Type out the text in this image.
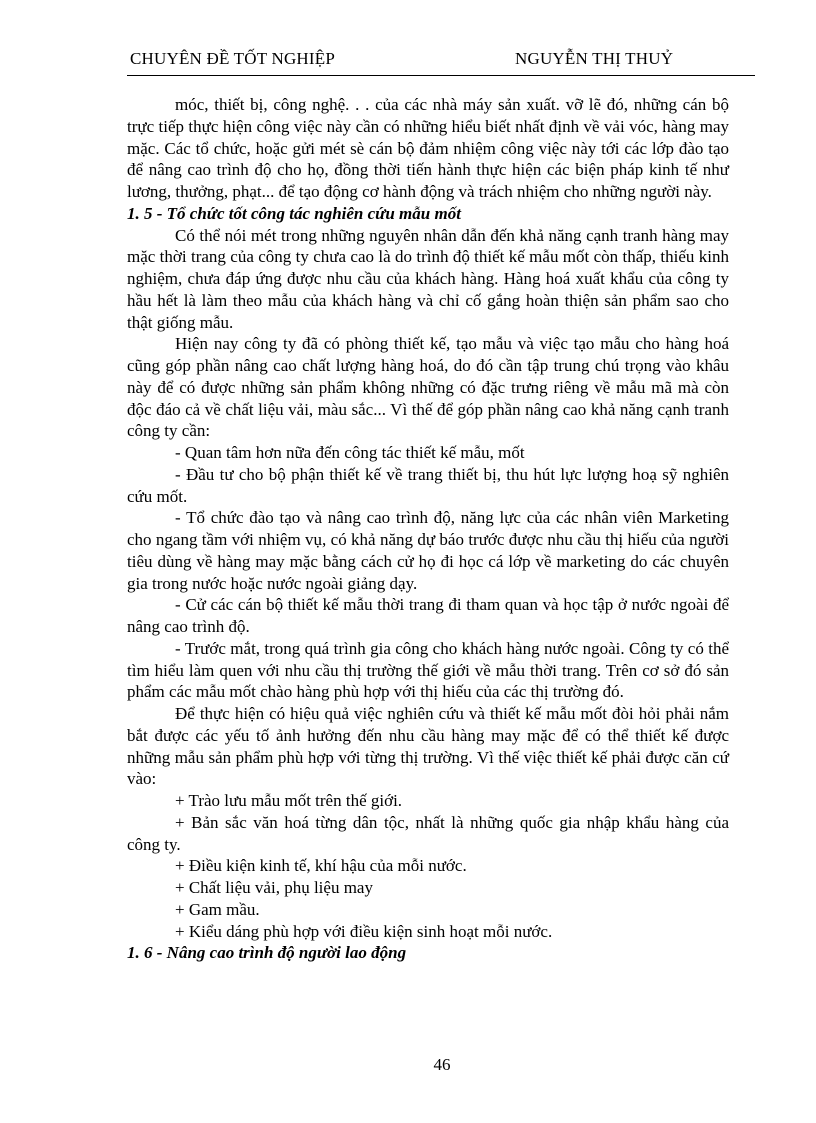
CHUYÊN ĐỀ TỐT NGHIỆP	NGUYỄN THỊ THUỶ

móc, thiết bị, công nghệ. . . của các nhà máy sản xuất. vỡ lẽ đó, những cán bộ trực tiếp thực hiện công việc này cần có những hiểu biết nhất định về vải vóc, hàng may mặc. Các tổ chức, hoặc gửi mét sè cán bộ đảm nhiệm công việc này tới các lớp đào tạo để nâng cao trình độ cho họ, đồng thời tiến hành thực hiện các biện pháp kinh tế như lương, thưởng, phạt... để tạo động cơ hành động và trách nhiệm cho những người này.

1. 5 - Tổ chức tốt công tác nghiên cứu mẫu mốt

Có thể nói mét trong những nguyên nhân dẫn đến khả năng cạnh tranh hàng may mặc thời trang của công ty chưa cao là do trình độ thiết kế mẫu mốt còn thấp, thiếu kinh nghiệm, chưa đáp ứng được nhu cầu của khách hàng. Hàng hoá xuất khẩu của công ty hầu hết là làm theo mẫu của khách hàng và chỉ cố gắng hoàn thiện sản phẩm sao cho thật giống mẫu.

Hiện nay công ty đã có phòng thiết kế, tạo mẫu và việc tạo mẫu cho hàng hoá cũng góp phần nâng cao chất lượng hàng hoá, do đó cần tập trung chú trọng vào khâu này để có được những sản phẩm không những có đặc trưng riêng về mẫu mã mà còn độc đáo cả về chất liệu vải, màu sắc... Vì thế để góp phần nâng cao khả năng cạnh tranh công ty cần:

- Quan tâm hơn nữa đến công tác thiết kế mẫu, mốt

- Đầu tư cho bộ phận thiết kế về trang thiết bị, thu hút lực lượng hoạ sỹ nghiên cứu mốt.

- Tổ chức đào tạo và nâng cao trình độ, năng lực của các nhân viên Marketing cho ngang tầm với nhiệm vụ, có khả năng dự báo trước được nhu cầu thị hiếu của người tiêu dùng về hàng may mặc bằng cách cử họ đi học cá lớp về marketing do các chuyên gia trong nước hoặc nước ngoài giảng dạy.

- Cử các cán bộ thiết kế mẫu thời trang đi tham quan và học tập ở nước ngoài để nâng cao trình độ.

- Trước mắt, trong quá trình gia công cho khách hàng nước ngoài. Công ty có thể tìm hiểu làm quen với nhu cầu thị trường thế giới về mẫu thời trang. Trên cơ sở đó sản phẩm các mẫu mốt chào hàng phù hợp với thị hiếu của các thị trường đó.

Để thực hiện có hiệu quả việc nghiên cứu và thiết kế mẫu mốt đòi hỏi phải nắm bắt được các yếu tố ảnh hưởng đến nhu cầu hàng may mặc để có thể thiết kế được những mẫu sản phẩm phù hợp với từng thị trường. Vì thế việc thiết kế phải được căn cứ vào:

+ Trào lưu mẫu mốt trên thế giới.

+ Bản sắc văn hoá từng dân tộc, nhất là những quốc gia nhập khẩu hàng của công ty.

+ Điều kiện kinh tế, khí hậu của mỗi nước.

+ Chất liệu vải, phụ liệu may

+ Gam mầu.

+ Kiểu dáng phù hợp với điều kiện sinh hoạt mỗi nước.

1. 6 - Nâng cao trình độ người lao động
46
